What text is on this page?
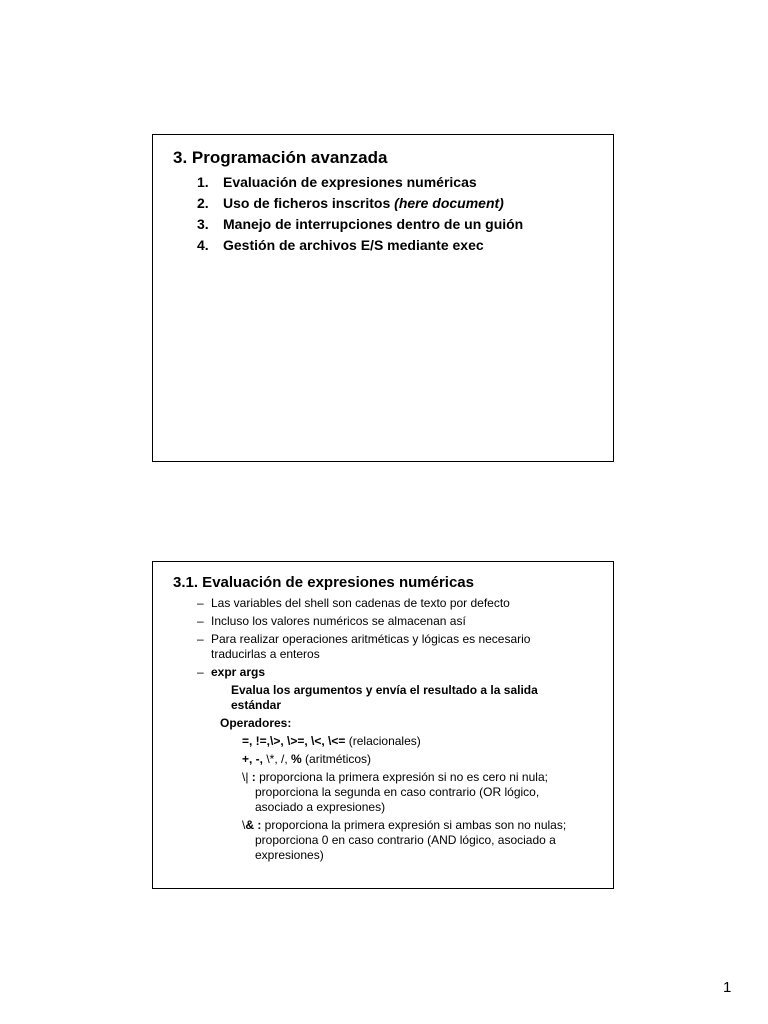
3. Programación avanzada
1. Evaluación de expresiones numéricas
2. Uso de ficheros inscritos (here document)
3. Manejo de interrupciones dentro de un guión
4. Gestión de archivos E/S mediante exec
3.1. Evaluación de expresiones numéricas
– Las variables del shell son cadenas de texto por defecto
– Incluso los valores numéricos se almacenan así
– Para realizar operaciones aritméticas y lógicas es necesario traducirlas a enteros
– expr args
Evalua los argumentos y envía el resultado a la salida estándar
Operadores:
=, !=,\>, \>=, \<, \<= (relacionales)
+, -, \*, /, % (aritméticos)
\| : proporciona la primera expresión si no es cero ni nula; proporciona la segunda en caso contrario (OR lógico, asociado a expresiones)
\& : proporciona la primera expresión si ambas son no nulas; proporciona 0 en caso contrario (AND lógico, asociado a expresiones)
1
